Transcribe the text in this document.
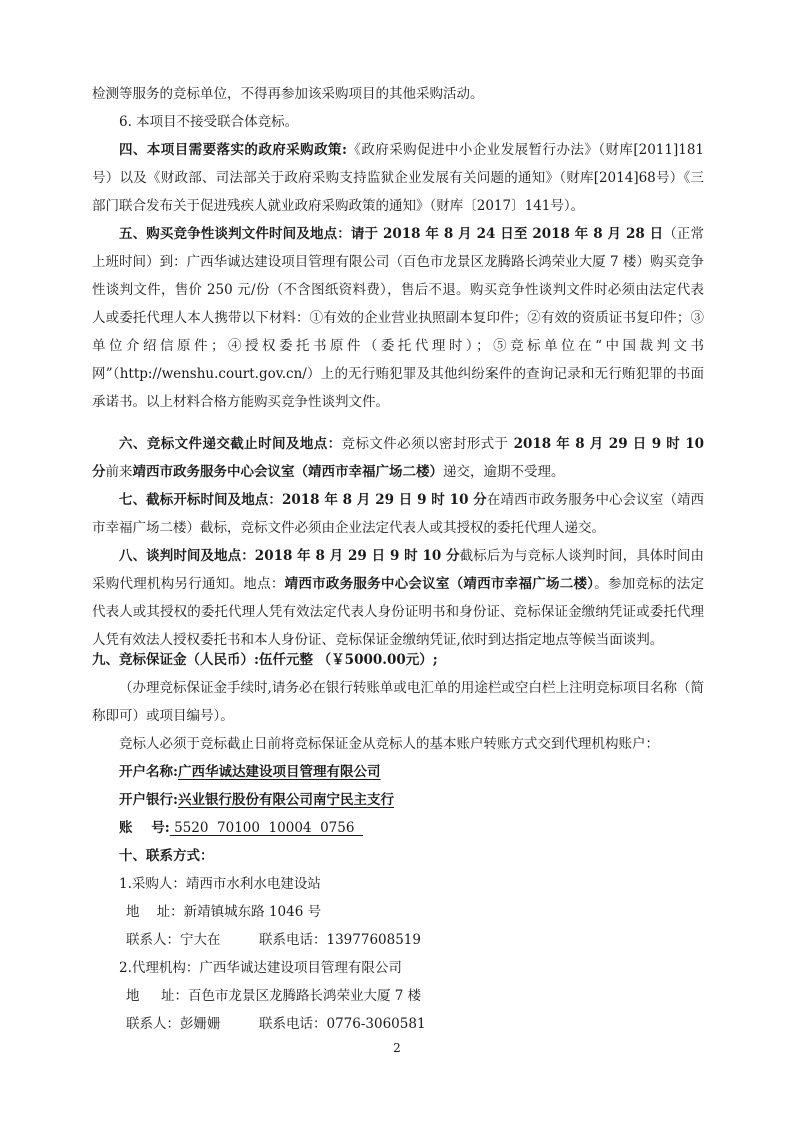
检测等服务的竞标单位，不得再参加该采购项目的其他采购活动。

6. 本项目不接受联合体竞标。

四、本项目需要落实的政府采购政策:《政府采购促进中小企业发展暂行办法》（财库[2011]181号）以及《财政部、司法部关于政府采购支持监狱企业发展有关问题的通知》（财库[2014]68号）《三部门联合发布关于促进残疾人就业政府采购政策的通知》（财库〔2017〕141号）。

五、购买竞争性谈判文件时间及地点：请于 2018 年 8 月 24 日至 2018 年 8 月 28 日（正常上班时间）到：广西华诚达建设项目管理有限公司（百色市龙景区龙腾路长鸿荣业大厦 7 楼）购买竞争性谈判文件，售价 250 元/份（不含图纸资料费），售后不退。购买竞争性谈判文件时必须由法定代表人或委托代理人本人携带以下材料：①有效的企业营业执照副本复印件；②有效的资质证书复印件；③单位介绍信原件；④授权委托书原件（委托代理时）；⑤竞标单位在“中国裁判文书网”（http://wenshu.court.gov.cn/）上的无行贿犯罪及其他纠纷案件的查询记录和无行贿犯罪的书面承诺书。以上材料合格方能购买竞争性谈判文件。

六、竞标文件递交截止时间及地点：竞标文件必须以密封形式于 2018 年 8 月 29 日 9 时 10 分前来靖西市政务服务中心会议室（靖西市幸福广场二楼）递交，逾期不受理。

七、截标开标时间及地点：2018 年 8 月 29 日 9 时 10 分在靖西市政务服务中心会议室（靖西市幸福广场二楼）截标，竞标文件必须由企业法定代表人或其授权的委托代理人递交。

八、谈判时间及地点：2018 年 8 月 29 日 9 时 10 分截标后为与竞标人谈判时间，具体时间由采购代理机构另行通知。地点：靖西市政务服务中心会议室（靖西市幸福广场二楼）。参加竞标的法定代表人或其授权的委托代理人凭有效法定代表人身份证明书和身份证、竞标保证金缴纳凭证或委托代理人凭有效法人授权委托书和本人身份证、竞标保证金缴纳凭证,依时到达指定地点等候当面谈判。

九、竞标保证金（人民币）:伍仟元整 （￥5000.00元）;

（办理竞标保证金手续时,请务必在银行转账单或电汇单的用途栏或空白栏上注明竞标项目名称（简称即可）或项目编号）。

竞标人必须于竞标截止日前将竞标保证金从竞标人的基本账户转账方式交到代理机构账户：

开户名称:广西华诚达建设项目管理有限公司

开户银行:兴业银行股份有限公司南宁民主支行

账    号: 5520  70100  10004  0756

十、联系方式：

1.采购人：靖西市水利水电建设站

地    址：新靖镇城东路 1046 号

联系人：宁大在	联系电话：13977608519

2.代理机构：广西华诚达建设项目管理有限公司

地     址：百色市龙景区龙腾路长鸿荣业大厦 7 楼

联系人：彭姗姗	联系电话：0776-3060581

2
